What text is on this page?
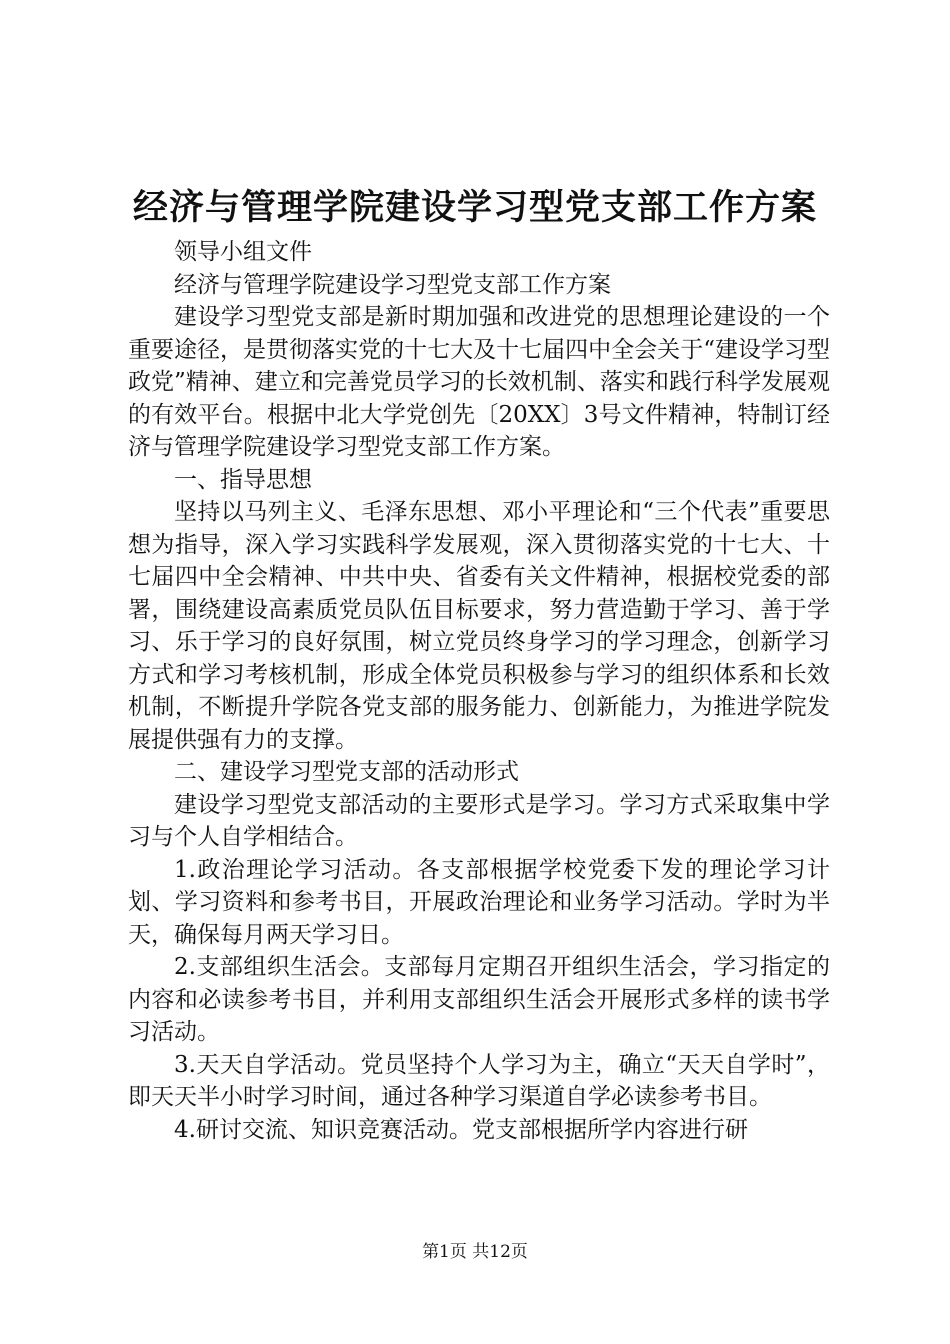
经济与管理学院建设学习型党支部工作方案

领导小组文件

经济与管理学院建设学习型党支部工作方案

建设学习型党支部是新时期加强和改进党的思想理论建设的一个重要途径，是贯彻落实党的十七大及十七届四中全会关于“建设学习型政党”精神、建立和完善党员学习的长效机制、落实和践行科学发展观的有效平台。根据中北大学党创先〔20XX〕3号文件精神，特制订经济与管理学院建设学习型党支部工作方案。

一、指导思想

坚持以马列主义、毛泽东思想、邓小平理论和“三个代表”重要思想为指导，深入学习实践科学发展观，深入贯彻落实党的十七大、十七届四中全会精神、中共中央、省委有关文件精神，根据校党委的部署，围绕建设高素质党员队伍目标要求，努力营造勤于学习、善于学习、乐于学习的良好氛围，树立党员终身学习的学习理念，创新学习方式和学习考核机制，形成全体党员积极参与学习的组织体系和长效机制，不断提升学院各党支部的服务能力、创新能力，为推进学院发展提供强有力的支撑。

二、建设学习型党支部的活动形式

建设学习型党支部活动的主要形式是学习。学习方式采取集中学习与个人自学相结合。

1.政治理论学习活动。各支部根据学校党委下发的理论学习计划、学习资料和参考书目，开展政治理论和业务学习活动。学时为半天，确保每月两天学习日。

2.支部组织生活会。支部每月定期召开组织生活会，学习指定的内容和必读参考书目，并利用支部组织生活会开展形式多样的读书学习活动。

3.天天自学活动。党员坚持个人学习为主，确立“天天自学时”，即天天半小时学习时间，通过各种学习渠道自学必读参考书目。

4.研讨交流、知识竞赛活动。党支部根据所学内容进行研

第1页 共12页
